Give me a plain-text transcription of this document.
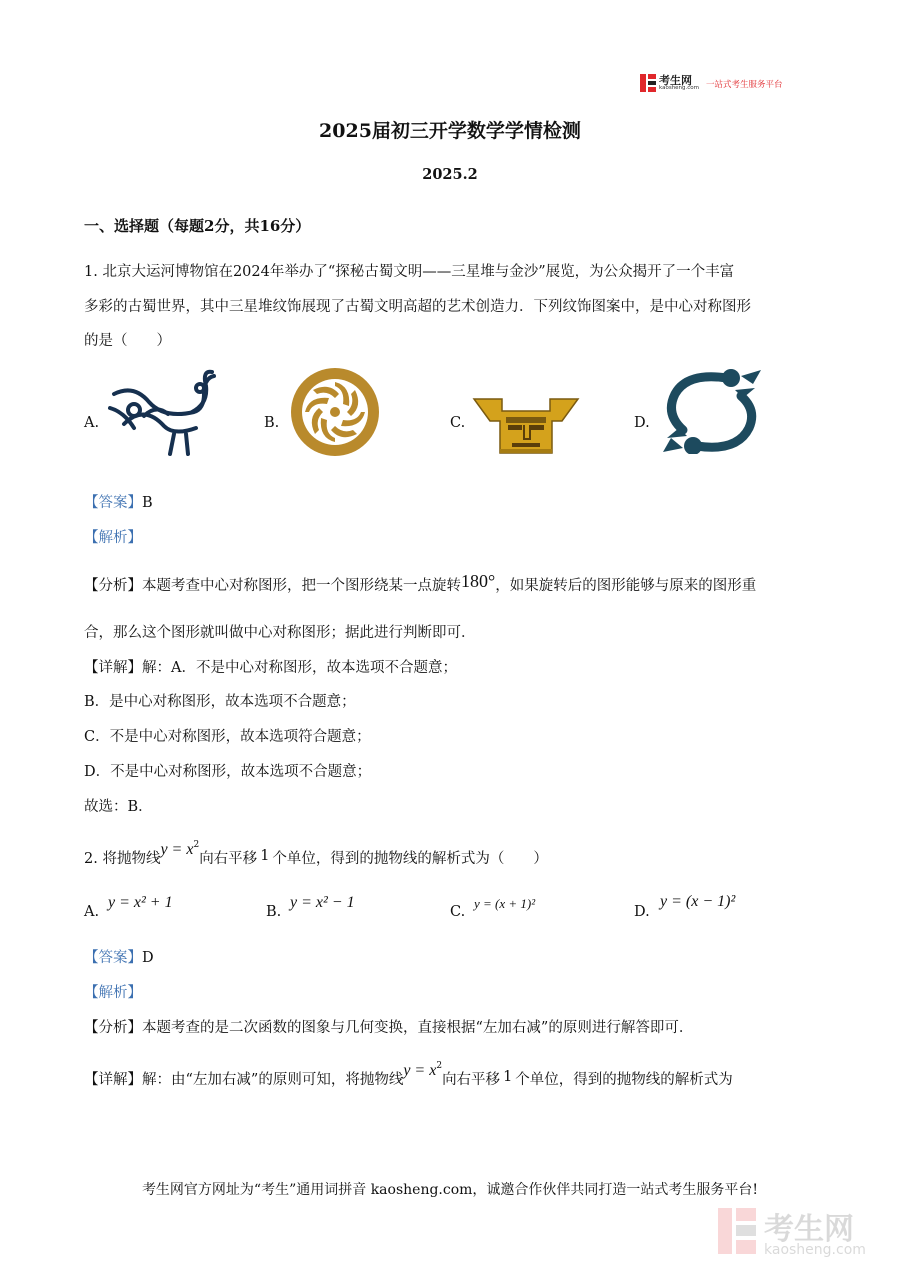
考生网
kaosheng.com 一站式考生服务平台
2025届初三开学数学学情检测
2025.2
一、选择题（每题2分，共16分）
1. 北京大运河博物馆在2024年举办了“探秘古蜀文明——三星堆与金沙”展览，为公众揭开了一个丰富
多彩的古蜀世界，其中三星堆纹饰展现了古蜀文明高超的艺术创造力．下列纹饰图案中，是中心对称图形
的是（　　）
A.	B.	C.	D.
【答案】B
【解析】
【分析】本题考查中心对称图形，把一个图形绕某一点旋转180°，如果旋转后的图形能够与原来的图形重
合，那么这个图形就叫做中心对称图形；据此进行判断即可．
【详解】解：A．不是中心对称图形，故本选项不合题意；
B．是中心对称图形，故本选项不合题意；
C．不是中心对称图形，故本选项符合题意；
D．不是中心对称图形，故本选项不合题意；
故选：B．
2. 将抛物线$y = x^2$向右平移 1 个单位，得到的抛物线的解析式为（　　）
A.
y = x² + 1
B.
y = x² − 1
C.
y = (x + 1)²
D.
y = (x − 1)²
【答案】D
【解析】
【分析】本题考查的是二次函数的图象与几何变换，直接根据“左加右减”的原则进行解答即可．
【详解】解：由“左加右减”的原则可知，将抛物线$y = x^2$向右平移 1 个单位，得到的抛物线的解析式为
考生网官方网址为“考生”通用词拼音 kaosheng.com，诚邀合作伙伴共同打造一站式考生服务平台!
考生网
kaosheng.com
